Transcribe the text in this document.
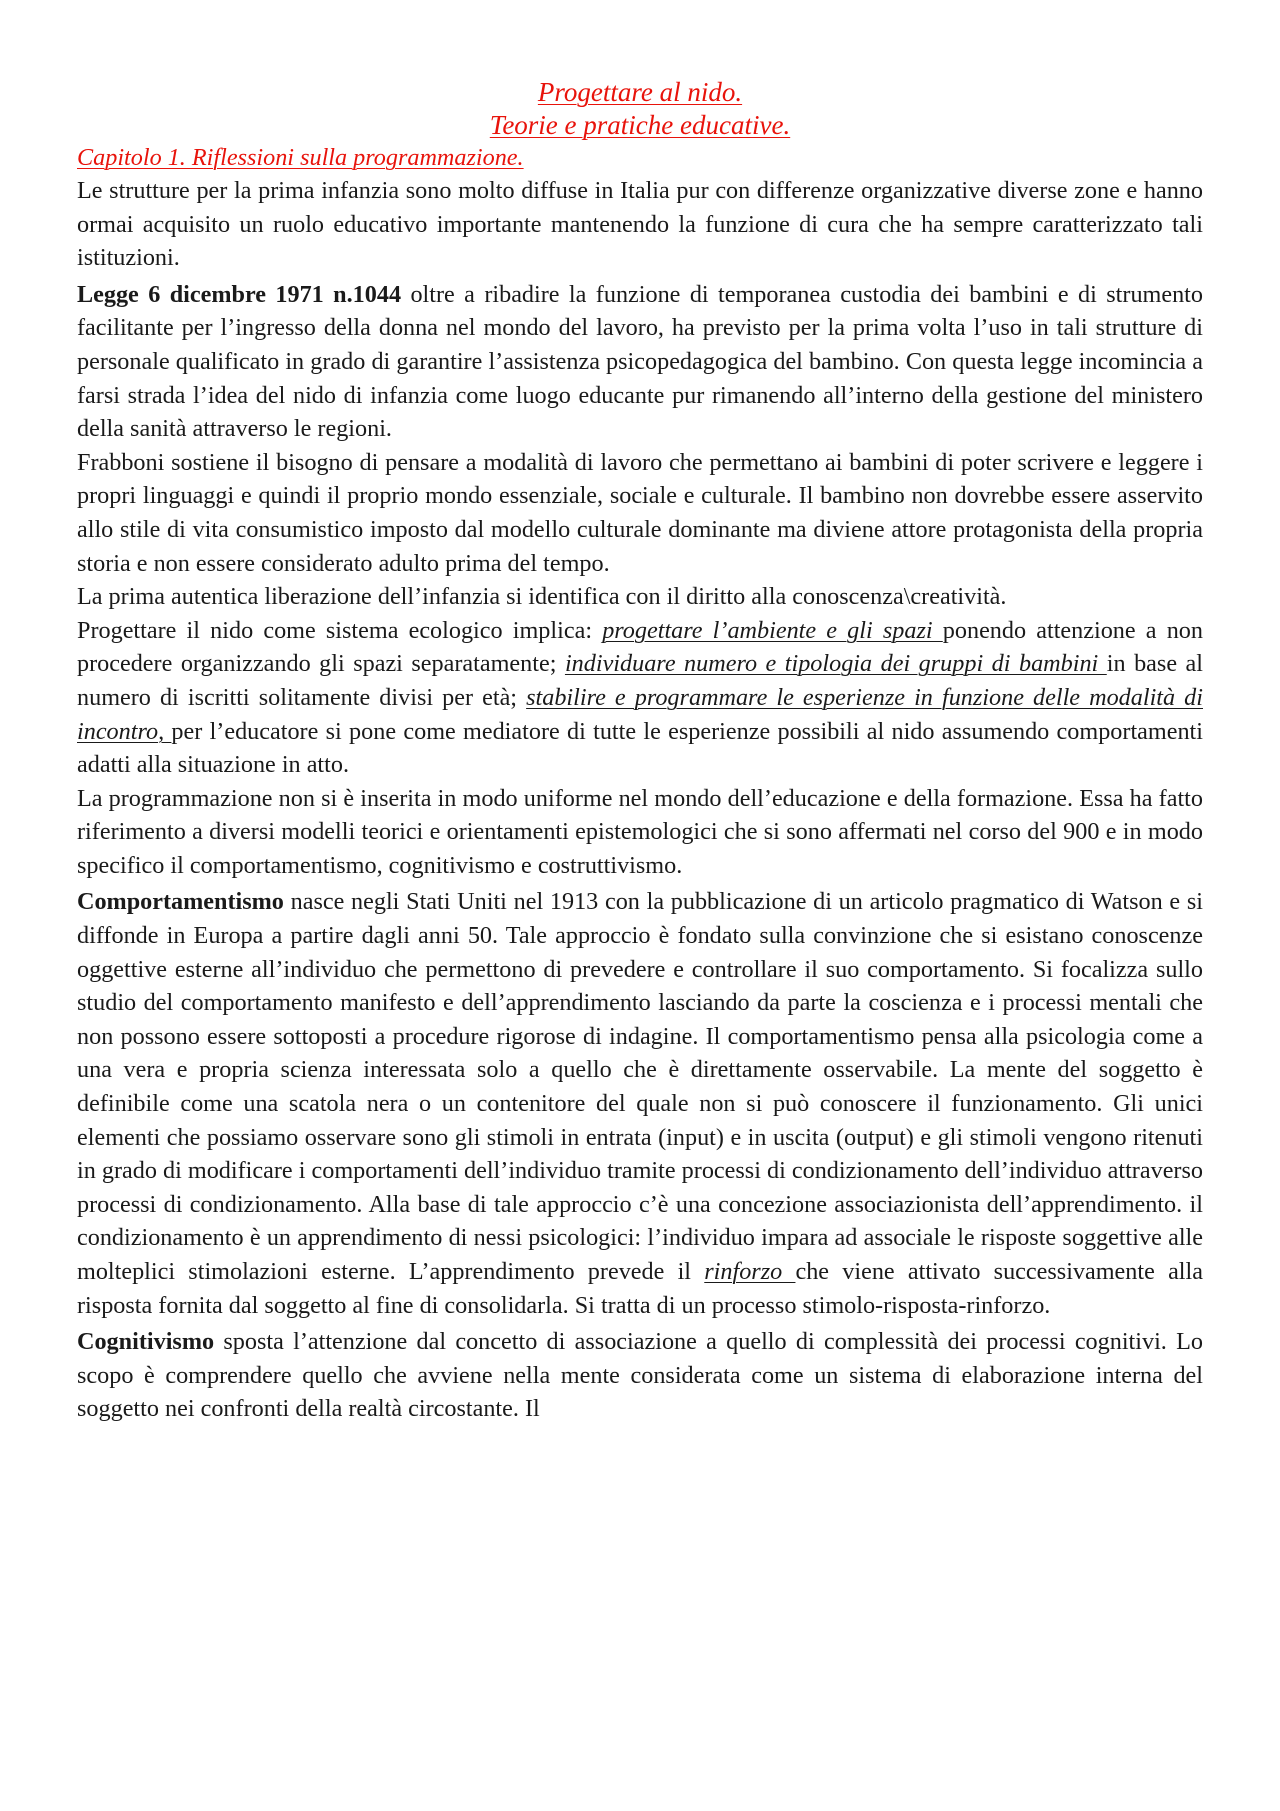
Progettare al nido.
Teorie e pratiche educative.
Capitolo 1. Riflessioni sulla programmazione.

Le strutture per la prima infanzia sono molto diffuse in Italia pur con differenze organizzative diverse zone e hanno ormai acquisito un ruolo educativo importante mantenendo la funzione di cura che ha sempre caratterizzato tali istituzioni.

Legge 6 dicembre 1971 n.1044 oltre a ribadire la funzione di temporanea custodia dei bambini e di strumento facilitante per l’ingresso della donna nel mondo del lavoro, ha previsto per la prima volta l’uso in tali strutture di personale qualificato in grado di garantire l’assistenza psicopedagogica del bambino. Con questa legge incomincia a farsi strada l’idea del nido di infanzia come luogo educante pur rimanendo all’interno della gestione del ministero della sanità attraverso le regioni.

Frabboni sostiene il bisogno di pensare a modalità di lavoro che permettano ai bambini di poter scrivere e leggere i propri linguaggi e quindi il proprio mondo essenziale, sociale e culturale. Il bambino non dovrebbe essere asservito allo stile di vita consumistico imposto dal modello culturale dominante ma diviene attore protagonista della propria storia e non essere considerato adulto prima del tempo.

La prima autentica liberazione dell’infanzia si identifica con il diritto alla conoscenza\creatività.

Progettare il nido come sistema ecologico implica: progettare l’ambiente e gli spazi ponendo attenzione a non procedere organizzando gli spazi separatamente; individuare numero e tipologia dei gruppi di bambini in base al numero di iscritti solitamente divisi per età; stabilire e programmare le esperienze in funzione delle modalità di incontro, per l’educatore si pone come mediatore di tutte le esperienze possibili al nido assumendo comportamenti adatti alla situazione in atto.

La programmazione non si è inserita in modo uniforme nel mondo dell’educazione e della formazione. Essa ha fatto riferimento a diversi modelli teorici e orientamenti epistemologici che si sono affermati nel corso del 900 e in modo specifico il comportamentismo, cognitivismo e costruttivismo.

Comportamentismo nasce negli Stati Uniti nel 1913 con la pubblicazione di un articolo pragmatico di Watson e si diffonde in Europa a partire dagli anni 50. Tale approccio è fondato sulla convinzione che si esistano conoscenze oggettive esterne all’individuo che permettono di prevedere e controllare il suo comportamento. Si focalizza sullo studio del comportamento manifesto e dell’apprendimento lasciando da parte la coscienza e i processi mentali che non possono essere sottoposti a procedure rigorose di indagine. Il comportamentismo pensa alla psicologia come a una vera e propria scienza interessata solo a quello che è direttamente osservabile. La mente del soggetto è definibile come una scatola nera o un contenitore del quale non si può conoscere il funzionamento. Gli unici elementi che possiamo osservare sono gli stimoli in entrata (input) e in uscita (output) e gli stimoli vengono ritenuti in grado di modificare i comportamenti dell’individuo tramite processi di condizionamento dell’individuo attraverso processi di condizionamento. Alla base di tale approccio c’è una concezione associazionista dell’apprendimento. il condizionamento è un apprendimento di nessi psicologici: l’individuo impara ad associale le risposte soggettive alle molteplici stimolazioni esterne. L’apprendimento prevede il rinforzo che viene attivato successivamente alla risposta fornita dal soggetto al fine di consolidarla. Si tratta di un processo stimolo-risposta-rinforzo.

Cognitivismo sposta l’attenzione dal concetto di associazione a quello di complessità dei processi cognitivi. Lo scopo è comprendere quello che avviene nella mente considerata come un sistema di elaborazione interna del soggetto nei confronti della realtà circostante. Il
